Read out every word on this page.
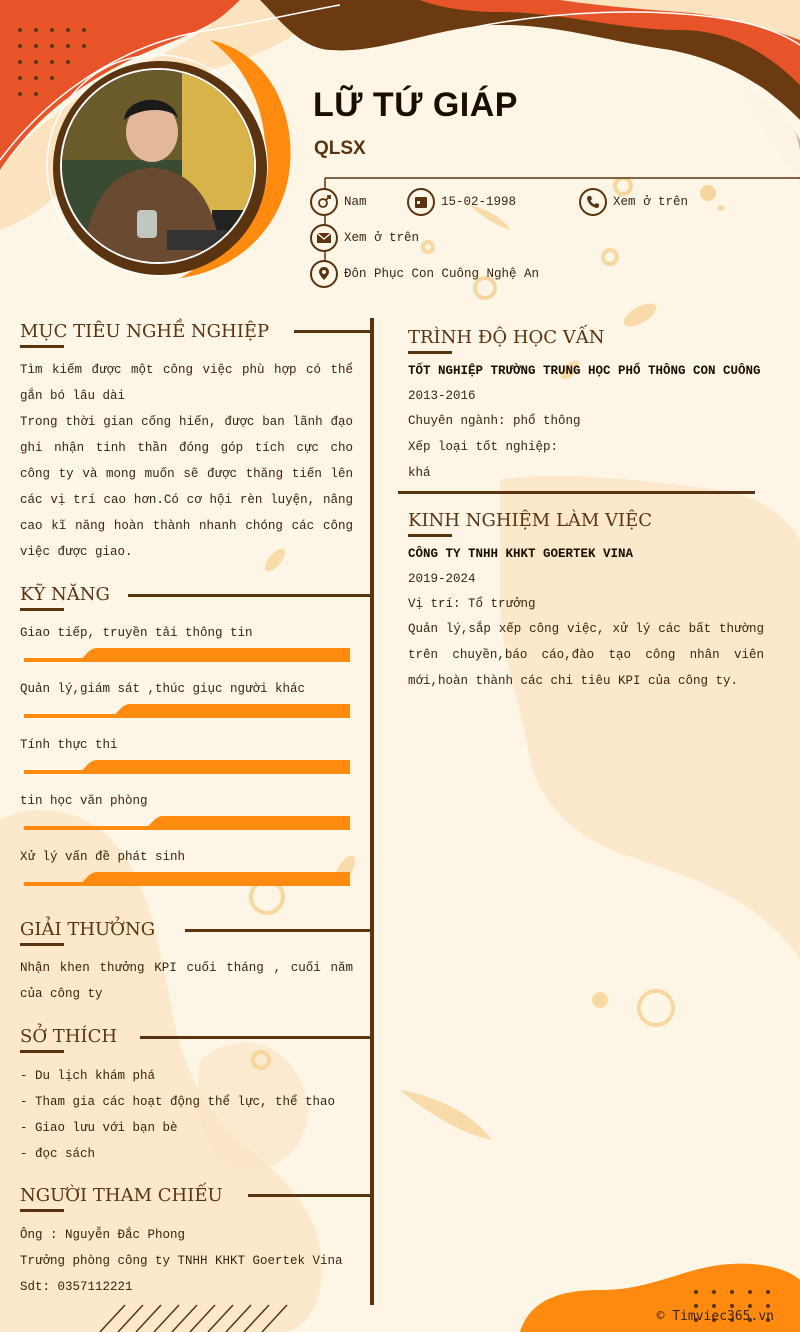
LỮ TỨ GIÁP
QLSX
Nam	15-02-1998	Xem ở trên
Xem ở trên
Đôn Phục Con Cuông Nghệ An
MỤC TIÊU NGHỀ NGHIỆP
Tìm kiếm được một công việc phù hợp có thể gắn bó lâu dài
Trong thời gian cống hiến, được ban lãnh đạo ghi nhận tinh thần đóng góp tích cực cho công ty và mong muốn sẽ được thăng tiến lên các vị trí cao hơn.Có cơ hội rèn luyện, nâng cao kĩ năng hoàn thành nhanh chóng các công việc được giao.
KỸ NĂNG
Giao tiếp, truyền tải thông tin
Quản lý,giám sát ,thúc giục người khác
Tính thực thi
tin học văn phòng
Xử lý vấn đề phát sinh
GIẢI THƯỞNG
Nhận khen thưởng KPI cuối tháng , cuối năm của công ty
SỞ THÍCH
- Du lịch khám phá
- Tham gia các hoạt động thể lực, thể thao
- Giao lưu với bạn bè
- đọc sách
NGƯỜI THAM CHIẾU
Ông : Nguyễn Đắc Phong
Trưởng phòng công ty TNHH KHKT Goertek Vina
Sdt: 0357112221
TRÌNH ĐỘ HỌC VẤN
TỐT NGHIỆP TRƯỜNG TRUNG HỌC PHỔ THÔNG CON CUÔNG
2013-2016
Chuyên ngành: phổ thông
Xếp loại tốt nghiệp:
khá
KINH NGHIỆM LÀM VIỆC
CÔNG TY TNHH KHKT GOERTEK VINA
2019-2024
Vị trí: Tổ trưởng
Quản lý,sắp xếp công việc, xử lý các bất thường trên chuyền,báo cáo,đào tạo công nhân viên mới,hoàn thành các chi tiêu KPI của công ty.
© Timviec365.vn
